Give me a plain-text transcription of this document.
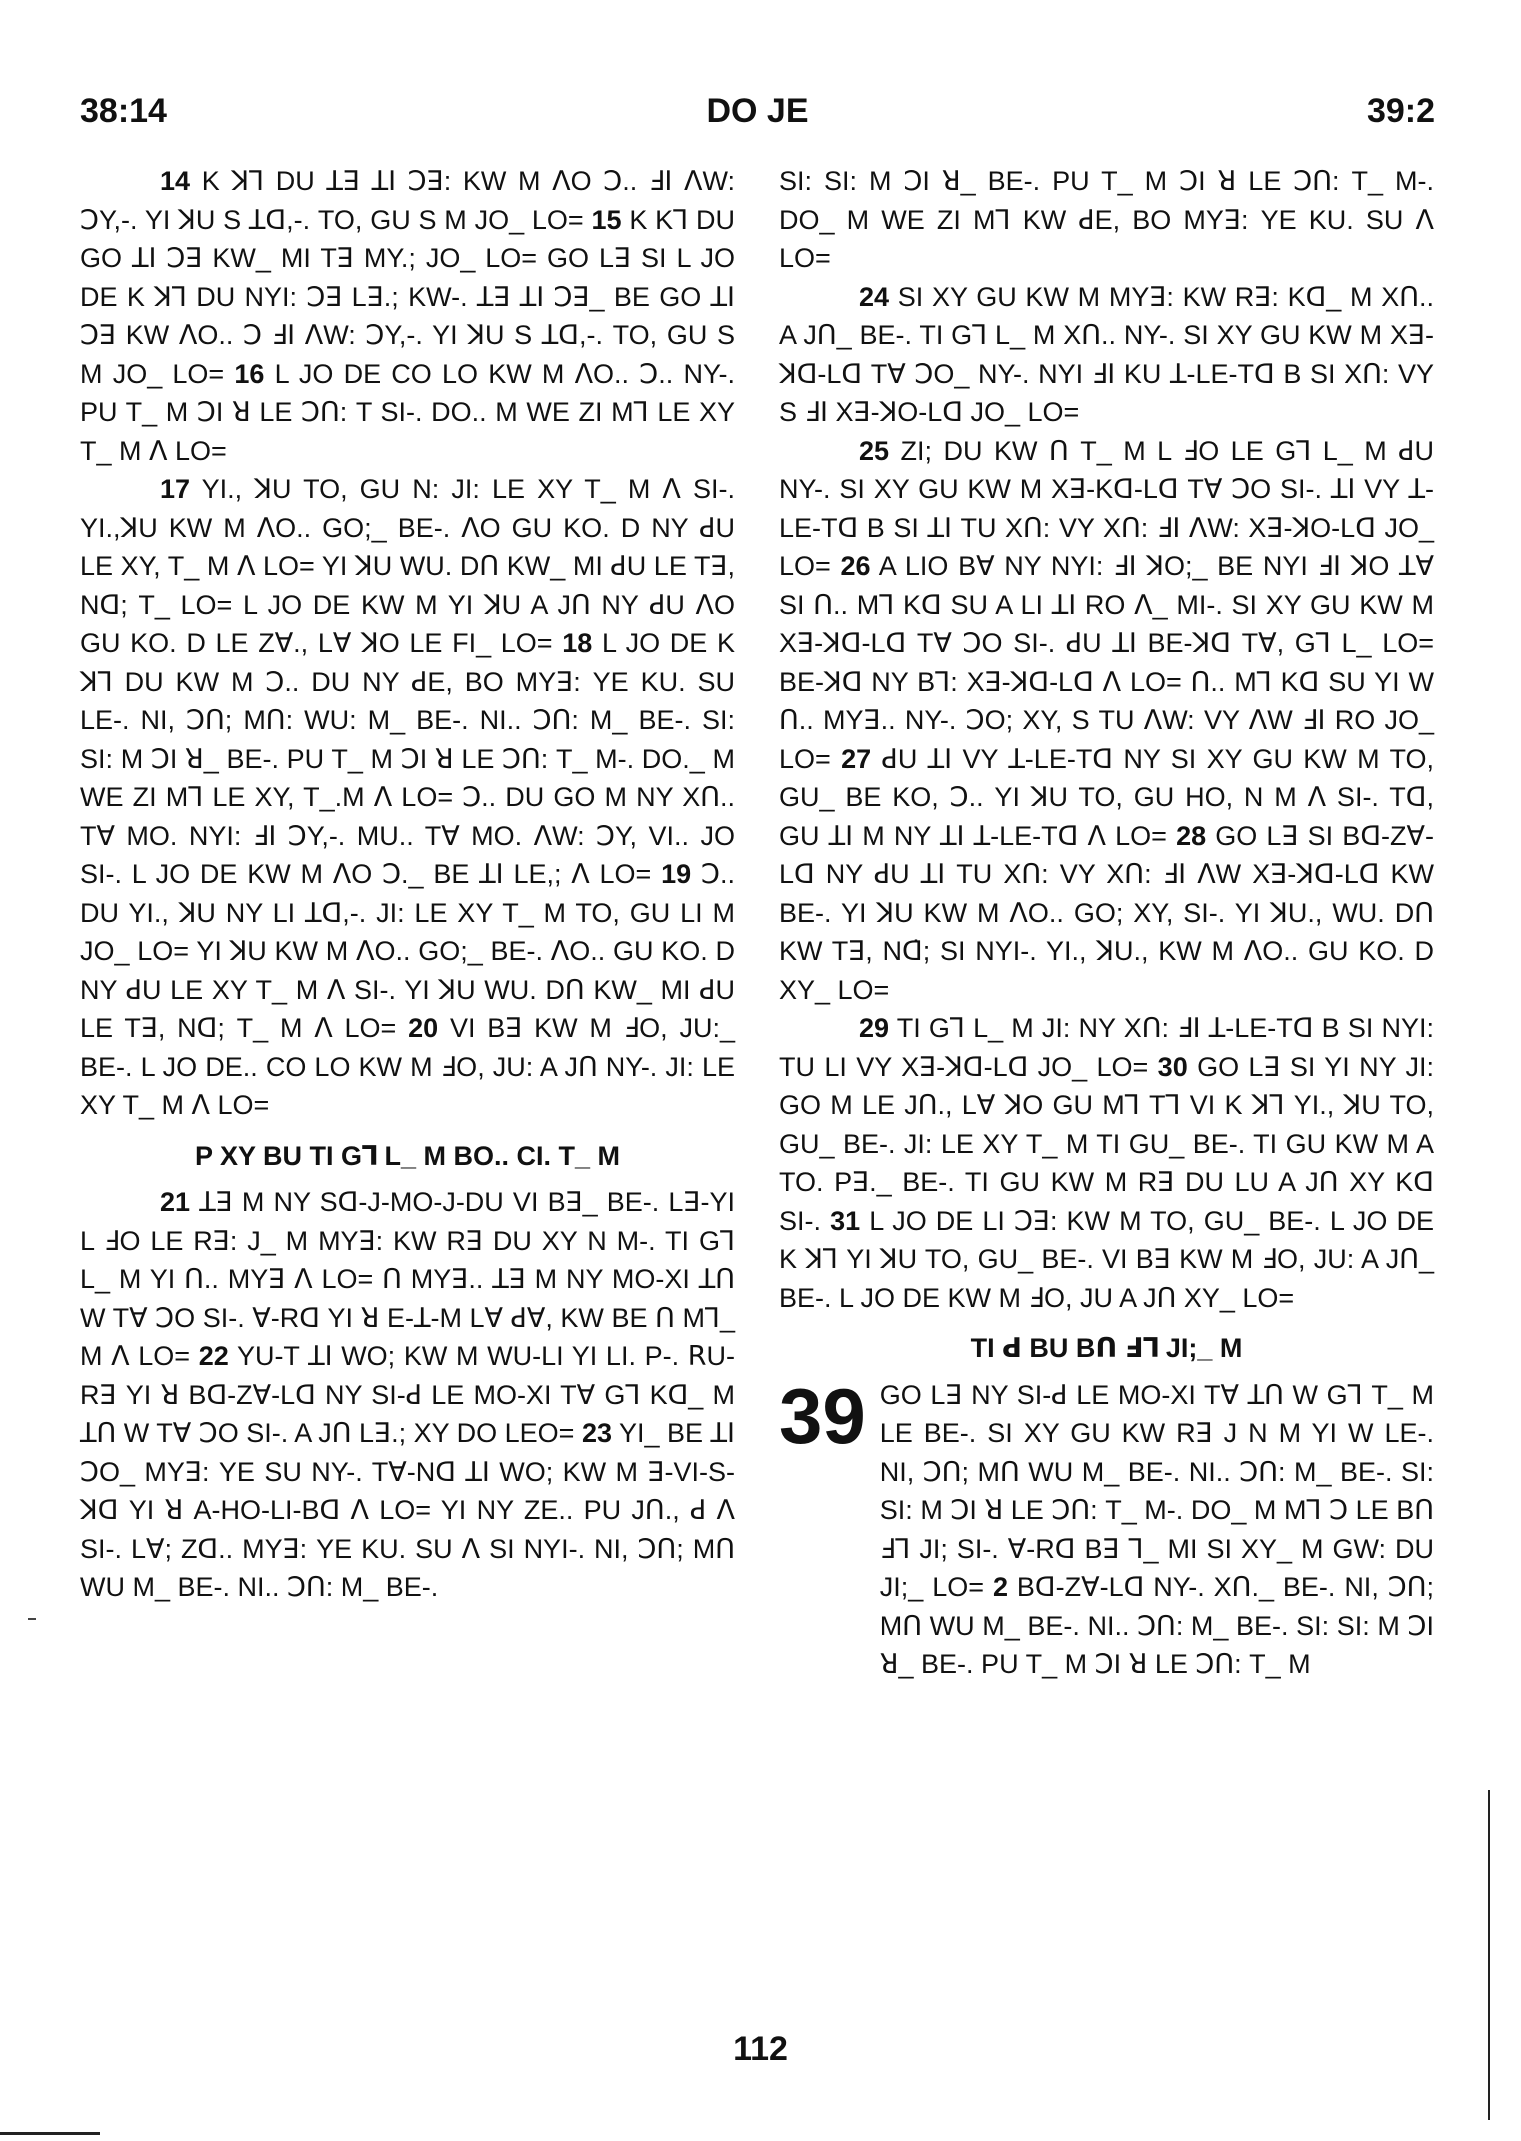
38:14	DO JE	39:2

14 K ꓘꓶ DU ꓕꓱ ꓕꓲ ꓛꓱ: KW M ꓥO ꓛ.. ꓞꓲ ꓥW: ꓛY,-. YI ꓘU S ꓕꓷ,-. TO, GU S M JO_ LO= 15 K Kꓶ DU GO ꓕꓲ ꓛꓱ KW_ MI Tꓱ MY.; JO_ LO= GO Lꓱ SI L JO DE K ꓘꓶ DU NYI: ꓛꓱ Lꓱ.; KW-. ꓕꓱ ꓕꓲ ꓛꓱ_ BE GO ꓕꓲ ꓛꓱ KW ꓥO.. ꓛ ꓞꓲ ꓥW: ꓛY,-. YI ꓘU S ꓕꓷ,-. TO, GU S M JO_ LO= 16 L JO DE CO LO KW M ꓥO.. ꓛ.. NY-. PU T_ M ꓛI ꓤ LE ꓛꓵ: T SI-. DO.. M WE ZI Mꓶ LE XY T_ M ꓥ LO=

17 YI., ꓘU TO, GU N: JI: LE XY T_ M ꓥ SI-. YI.,ꓘU KW M ꓥO.. GO;_ BE-. ꓥO GU KO. D NY ꓒU LE XY, T_ M ꓥ LO= YI ꓘU WU. Dꓵ KW_ MI ꓒU LE Tꓱ, Nꓷ; T_ LO= L JO DE KW M YI ꓘU A Jꓵ NY ꓒU ꓥO GU KO. D LE Zꓯ., Lꓯ ꓘO LE FI_ LO= 18 L JO DE K ꓘꓶ DU KW M ꓛ.. DU NY ꓒE, BO MYꓱ: YE KU. SU LE-. NI, ꓛꓵ; Mꓵ: WU: M_ BE-. NI.. ꓛꓵ: M_ BE-. SI: SI: M ꓛI ꓤ_ BE-. PU T_ M ꓛI ꓤ LE ꓛꓵ: T_ M-. DO._ M WE ZI Mꓶ LE XY, T_.M ꓥ LO= ꓛ.. DU GO M NY Xꓵ.. Tꓯ MO. NYI: ꓞꓲ ꓛY,-. MU.. Tꓯ MO. ꓥW: ꓛY, VI.. JO SI-. L JO DE KW M ꓥO ꓛ._ BE ꓕꓲ LE,; ꓥ LO= 19 ꓛ.. DU YI., ꓘU NY LI ꓕꓷ,-. JI: LE XY T_ M TO, GU LI M JO_ LO= YI ꓘU KW M ꓥO.. GO;_ BE-. ꓥO.. GU KO. D NY ꓒU LE XY T_ M ꓥ SI-. YI ꓘU WU. Dꓵ KW_ MI ꓒU LE Tꓱ, Nꓷ; T_ M ꓥ LO= 20 VI Bꓱ KW M ꓞO, JU:_ BE-. L JO DE.. CO LO KW M ꓞO, JU: A Jꓵ NY-. JI: LE XY T_ M ꓥ LO=

P XY BU TI Gꓶ L_ M BO.. CI. T_ M

21 ꓕꓱ M NY Sꓷ-J-MO-J-DU VI Bꓱ_ BE-. Lꓱ-YI L ꓞO LE Rꓱ: J_ M MYꓱ: KW Rꓱ DU XY N M-. TI Gꓶ L_ M YI ꓵ.. MYꓱ ꓥ LO= ꓵ MYꓱ.. ꓕꓱ M NY MO-XI ꓕꓵ W Tꓯ ꓛO SI-. ꓯ-Rꓷ YI ꓤ E-ꓕ-M Lꓯ ꓒꓯ, KW BE ꓵ Mꓶ_ M ꓥ LO= 22 YU-T ꓕꓲ WO; KW M WU-LI YI LI. P-. ꓣU-Rꓱ YI ꓤ Bꓷ-Zꓯ-Lꓷ NY SI-ꓒ LE MO-XI Tꓯ Gꓶ Kꓷ_ M ꓕꓵ W Tꓯ ꓛO SI-. A Jꓵ Lꓱ.; XY DO LEO= 23 YI_ BE ꓕꓲ ꓛO_ MYꓱ: YE SU NY-. Tꓯ-Nꓷ ꓕꓲ WO; KW M ꓱ-VI-S-ꓘꓷ YI ꓤ A-HO-LI-Bꓷ ꓥ LO= YI NY ZE.. PU Jꓵ., ꓒ ꓥ SI-. Lꓯ; Zꓷ.. MYꓱ: YE KU. SU ꓥ SI NYI-. NI, ꓛꓵ; Mꓵ WU M_ BE-. NI.. ꓛꓵ: M_ BE-.

SI: SI: M ꓛI ꓤ_ BE-. PU T_ M ꓛI ꓤ LE ꓛꓵ: T_ M-. DO_ M WE ZI Mꓶ KW ꓒE, BO MYꓱ: YE KU. SU ꓥ LO=

24 SI XY GU KW M MYꓱ: KW Rꓱ: Kꓷ_ M Xꓵ.. A Jꓵ_ BE-. TI Gꓶ L_ M Xꓵ.. NY-. SI XY GU KW M Xꓱ-ꓘꓷ-Lꓷ Tꓯ ꓛO_ NY-. NYI ꓞꓲ KU ꓕ-LE-Tꓷ B SI Xꓵ: VY S ꓞꓲ Xꓱ-ꓘO-Lꓷ JO_ LO=

25 ZI; DU KW ꓵ T_ M L ꓞO LE Gꓶ L_ M ꓒU NY-. SI XY GU KW M Xꓱ-Kꓷ-Lꓷ Tꓯ ꓛO SI-. ꓕꓲ VY ꓕ-LE-Tꓷ B SI ꓕꓲ TU Xꓵ: VY Xꓵ: ꓞꓲ ꓥW: Xꓱ-ꓘO-Lꓷ JO_ LO= 26 A LIO Bꓯ NY NYI: ꓞꓲ ꓘO;_ BE NYI ꓞꓲ ꓘO ꓕꓯ SI ꓵ.. Mꓶ Kꓷ SU A LI ꓕꓲ RO ꓥ_ MI-. SI XY GU KW M Xꓱ-ꓘꓷ-Lꓷ Tꓯ ꓛO SI-. ꓒU ꓕꓲ BE-ꓘꓷ Tꓯ, Gꓶ L_ LO= BE-ꓘꓷ NY Bꓶ: Xꓱ-ꓘꓷ-Lꓷ ꓥ LO= ꓵ.. Mꓶ Kꓷ SU YI W ꓵ.. MYꓱ.. NY-. ꓛO; XY, S TU ꓥW: VY ꓥW ꓞꓲ RO JO_ LO= 27 ꓒU ꓕꓲ VY ꓕ-LE-Tꓷ NY SI XY GU KW M TO, GU_ BE KO, ꓛ.. YI ꓘU TO, GU HO, N M ꓥ SI-. Tꓷ, GU ꓕꓲ M NY ꓕꓲ ꓕ-LE-Tꓷ ꓥ LO= 28 GO Lꓱ SI Bꓷ-Zꓯ-Lꓷ NY ꓒU ꓕꓲ TU Xꓵ: VY Xꓵ: ꓞꓲ ꓥW Xꓱ-ꓘꓷ-Lꓷ KW BE-. YI ꓘU KW M ꓥO.. GO; XY, SI-. YI ꓘU., WU. Dꓵ KW Tꓱ, Nꓷ̇; SI NYI-. YI., ꓘU., KW M ꓥO.. GU KO. D XY_ LO=

29 TI Gꓶ L_ M JI: NY Xꓵ: ꓞꓲ ꓕ-LE-Tꓷ B SI NYI: TU LI VY Xꓱ-ꓘꓷ-Lꓷ JO_ LO= 30 GO Lꓱ SI YI NY JI: GO M LE Jꓵ., Lꓯ ꓘO GU Mꓶ Tꓶ VI K ꓘꓶ YI., ꓘU TO, GU_ BE-. JI: LE XY T_ M TI GU_ BE-. TI GU KW M A TO. Pꓱ._ BE-. TI GU KW M Rꓱ DU LU A Jꓵ XY Kꓷ SI-. 31 L JO DE LI ꓛꓱ: KW M TO, GU_ BE-. L JO DE K ꓘꓶ YI ꓘU TO, GU_ BE-. VI Bꓱ KW M ꓞO, JU: A Jꓵ_ BE-. L JO DE KW M ꓞO, JU A Jꓵ XY_ LO=

TI ꓒ BU Bꓵ ꓞꓶ JI;_ M
39 GO Lꓱ NY SI-ꓒ LE MO-XI Tꓯ ꓕꓵ W Gꓶ T_ M LE BE-. SI XY GU KW Rꓱ J N M YI W LE-. NI, ꓛꓵ; Mꓵ WU M_ BE-. NI.. ꓛꓵ: M_ BE-. SI: SI: M ꓛI ꓤ LE ꓛꓵ: T_ M-. DO_ M Mꓶ ꓛ LE Bꓵ ꓞꓶ JI; SI-. ꓯ-Rꓷ Bꓱ ꓶ_ MI SI XY_ M GW: DU JI;_ LO= 2 Bꓷ-Zꓯ-Lꓷ NY-. Xꓵ._ BE-. NI, ꓛꓵ; Mꓵ WU M_ BE-. NI.. ꓛꓵ: M_ BE-. SI: SI: M ꓛI ꓤ_ BE-. PU T_ M ꓛI ꓤ LE ꓛꓵ: T_ M

112
